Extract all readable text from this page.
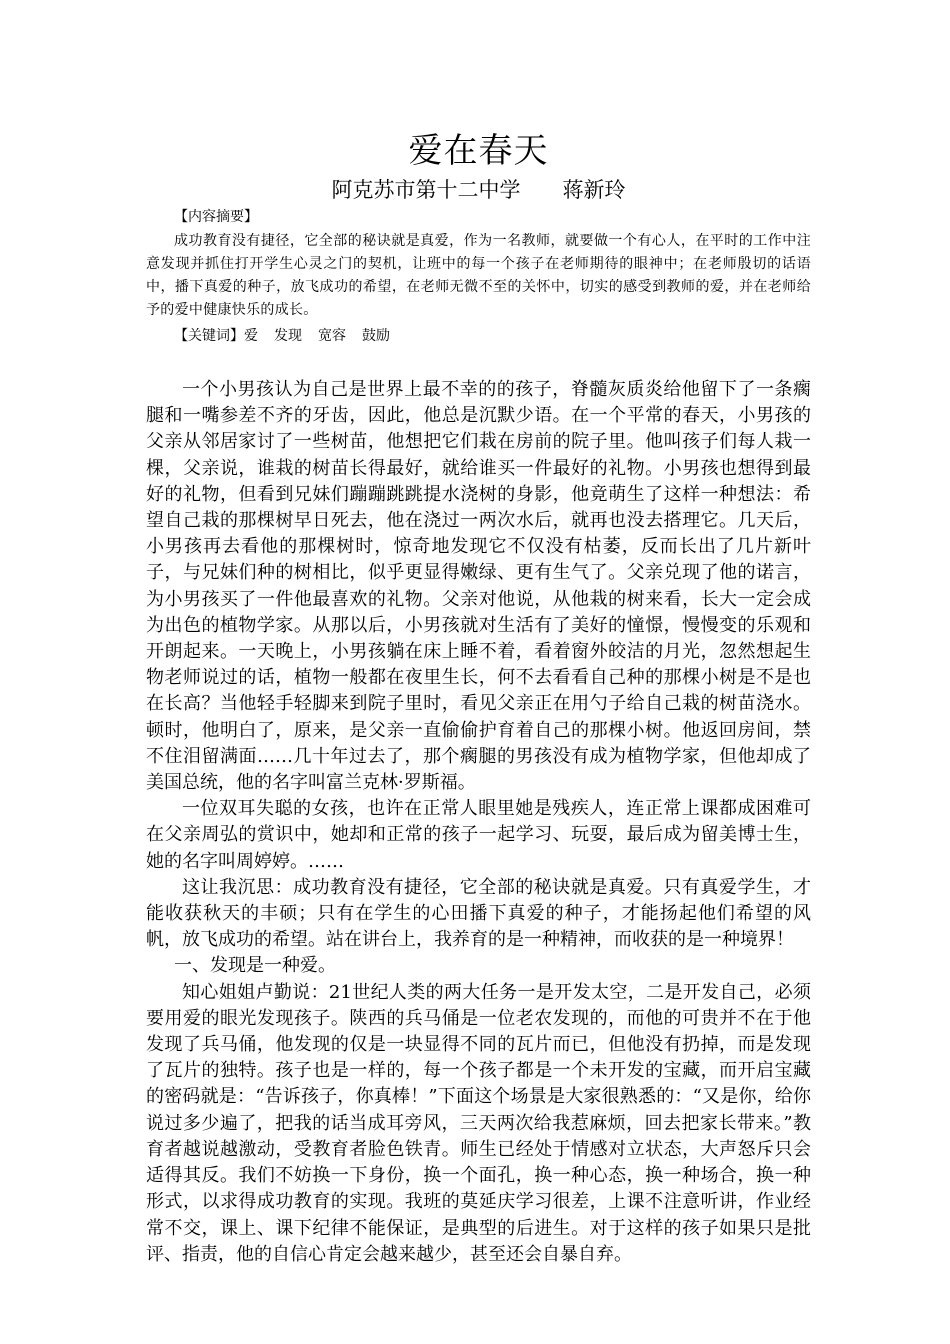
爱在春天
阿克苏市第十二中学 蒋新玲
【内容摘要】

成功教育没有捷径，它全部的秘诀就是真爱，作为一名教师，就要做一个有心人，在平时的工作中注意发现并抓住打开学生心灵之门的契机，让班中的每一个孩子在老师期待的眼神中；在老师殷切的话语中，播下真爱的种子，放飞成功的希望，在老师无微不至的关怀中，切实的感受到教师的爱，并在老师给予的爱中健康快乐的成长。

【关键词】爱 发现 宽容 鼓励

一个小男孩认为自己是世界上最不幸的的孩子，脊髓灰质炎给他留下了一条瘸腿和一嘴参差不齐的牙齿，因此，他总是沉默少语。在一个平常的春天，小男孩的父亲从邻居家讨了一些树苗，他想把它们栽在房前的院子里。他叫孩子们每人栽一棵，父亲说，谁栽的树苗长得最好，就给谁买一件最好的礼物。小男孩也想得到最好的礼物，但看到兄妹们蹦蹦跳跳提水浇树的身影，他竟萌生了这样一种想法：希望自己栽的那棵树早日死去，他在浇过一两次水后，就再也没去搭理它。几天后，小男孩再去看他的那棵树时，惊奇地发现它不仅没有枯萎，反而长出了几片新叶子，与兄妹们种的树相比，似乎更显得嫩绿、更有生气了。父亲兑现了他的诺言，为小男孩买了一件他最喜欢的礼物。父亲对他说，从他栽的树来看，长大一定会成为出色的植物学家。从那以后，小男孩就对生活有了美好的憧憬，慢慢变的乐观和开朗起来。一天晚上，小男孩躺在床上睡不着，看着窗外皎洁的月光，忽然想起生物老师说过的话，植物一般都在夜里生长，何不去看看自己种的那棵小树是不是也在长高？当他轻手轻脚来到院子里时，看见父亲正在用勺子给自己栽的树苗浇水。顿时，他明白了，原来，是父亲一直偷偷护育着自己的那棵小树。他返回房间，禁不住泪留满面……几十年过去了，那个瘸腿的男孩没有成为植物学家，但他却成了美国总统，他的名字叫富兰克林·罗斯福。

一位双耳失聪的女孩，也许在正常人眼里她是残疾人，连正常上课都成困难可在父亲周弘的赏识中，她却和正常的孩子一起学习、玩耍，最后成为留美博士生，她的名字叫周婷婷。……

这让我沉思：成功教育没有捷径，它全部的秘诀就是真爱。只有真爱学生，才能收获秋天的丰硕；只有在学生的心田播下真爱的种子，才能扬起他们希望的风帆，放飞成功的希望。站在讲台上，我养育的是一种精神，而收获的是一种境界！

一、发现是一种爱。

知心姐姐卢勤说：21世纪人类的两大任务一是开发太空，二是开发自己，必须要用爱的眼光发现孩子。陕西的兵马俑是一位老农发现的，而他的可贵并不在于他发现了兵马俑，他发现的仅是一块显得不同的瓦片而已，但他没有扔掉，而是发现了瓦片的独特。孩子也是一样的，每一个孩子都是一个未开发的宝藏，而开启宝藏的密码就是：“告诉孩子，你真棒！”下面这个场景是大家很熟悉的：“又是你，给你说过多少遍了，把我的话当成耳旁风，三天两次给我惹麻烦，回去把家长带来。”教育者越说越激动，受教育者脸色铁青。师生已经处于情感对立状态，大声怒斥只会适得其反。我们不妨换一下身份，换一个面孔，换一种心态，换一种场合，换一种形式，以求得成功教育的实现。我班的莫延庆学习很差，上课不注意听讲，作业经常不交，课上、课下纪律不能保证，是典型的后进生。对于这样的孩子如果只是批评、指责，他的自信心肯定会越来越少，甚至还会自暴自弃。
